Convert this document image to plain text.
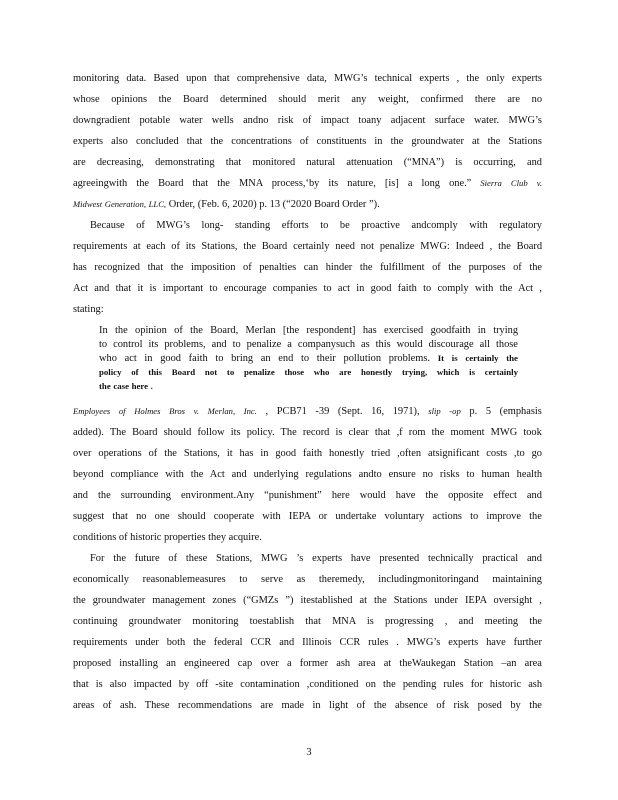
monitoring data. Based upon that comprehensive data, MWG’s technical experts , the only experts
whose opinions the Board determined should merit any weight, confirmed there are no
downgradient potable water wells andno risk of impact toany adjacent surface water. MWG’s
experts also concluded that the concentrations of constituents in the groundwater at the Stations
are decreasing, demonstrating that monitored natural attenuation (“MNA”) is occurring, and
agreeingwith the Board that the MNA process,‘by its nature, [is] a long one.” Sierra Club v.
Midwest Generation, LLC, Order, (Feb. 6, 2020) p. 13 (“2020 Board Order ”).
Because of MWG’s long- standing efforts to be proactive andcomply with regulatory
requirements at each of its Stations, the Board certainly need not penalize MWG: Indeed , the Board
has recognized that the imposition of penalties can hinder the fulfillment of the purposes of the
Act and that it is important to encourage companies to act in good faith to comply with the Act ,
stating:
In the opinion of the Board, Merlan [the respondent] has exercised goodfaith in trying
to control its problems, and to penalize a companysuch as this would discourage all those
who act in good faith to bring an end to their pollution problems. It is certainly the
policy of this Board not to penalize those who are honestly trying, which is certainly
the case here .
Employees of Holmes Bros v. Merlan, Inc. , PCB71 -39 (Sept. 16, 1971), slip -op p. 5 (emphasis
added). The Board should follow its policy. The record is clear that ,f rom the moment MWG took
over operations of the Stations, it has in good faith honestly tried ,often atsignificant costs ,to go
beyond compliance with the Act and underlying regulations andto ensure no risks to human health
and the surrounding environment.Any “punishment” here would have the opposite effect and
suggest that no one should cooperate with IEPA or undertake voluntary actions to improve the
conditions of historic properties they acquire.
For the future of these Stations, MWG ’s experts have presented technically practical and
economically reasonablemeasures to serve as theremedy, includingmonitoringand maintaining
the groundwater management zones (“GMZs ”) itestablished at the Stations under IEPA oversight ,
continuing groundwater monitoring toestablish that MNA is progressing , and meeting the
requirements under both the federal CCR and Illinois CCR rules . MWG’s experts have further
proposed installing an engineered cap over a former ash area at theWaukegan Station –an area
that is also impacted by off -site contamination ,conditioned on the pending rules for historic ash
areas of ash. These recommendations are made in light of the absence of risk posed by the
3
